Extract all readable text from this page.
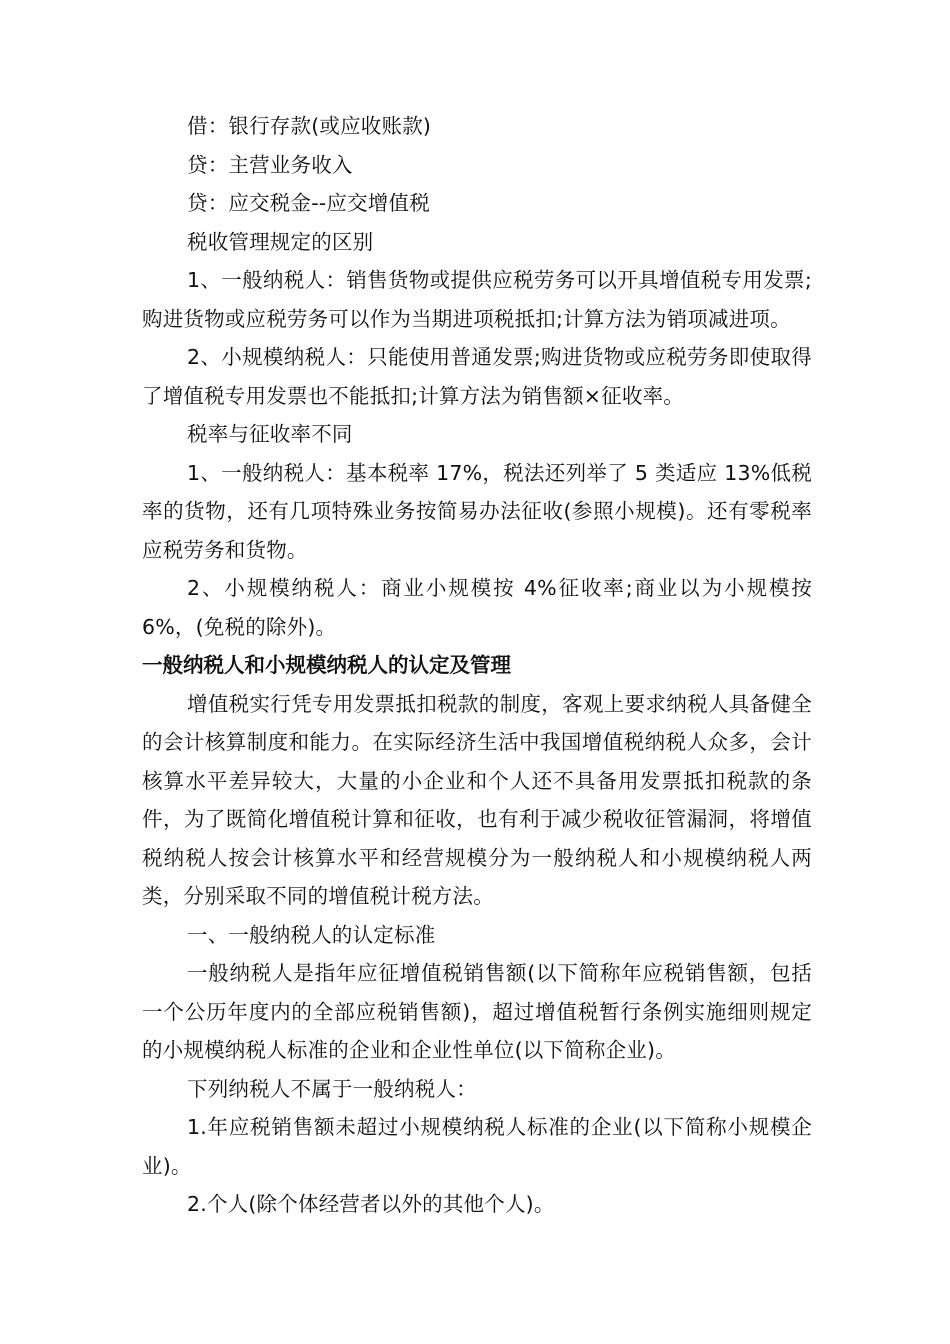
借：银行存款(或应收账款)
贷：主营业务收入
贷：应交税金--应交增值税
税收管理规定的区别

1、一般纳税人：销售货物或提供应税劳务可以开具增值税专用发票;购进货物或应税劳务可以作为当期进项税抵扣;计算方法为销项减进项。

2、小规模纳税人：只能使用普通发票;购进货物或应税劳务即使取得了增值税专用发票也不能抵扣;计算方法为销售额×征收率。

税率与征收率不同

1、一般纳税人：基本税率 17%，税法还列举了 5 类适应 13%低税率的货物，还有几项特殊业务按简易办法征收(参照小规模)。还有零税率应税劳务和货物。

2、小规模纳税人：商业小规模按 4%征收率;商业以为小规模按 6%，(免税的除外)。

一般纳税人和小规模纳税人的认定及管理

增值税实行凭专用发票抵扣税款的制度，客观上要求纳税人具备健全的会计核算制度和能力。在实际经济生活中我国增值税纳税人众多，会计核算水平差异较大，大量的小企业和个人还不具备用发票抵扣税款的条件，为了既简化增值税计算和征收，也有利于减少税收征管漏洞，将增值税纳税人按会计核算水平和经营规模分为一般纳税人和小规模纳税人两类，分别采取不同的增值税计税方法。

一、一般纳税人的认定标准

一般纳税人是指年应征增值税销售额(以下简称年应税销售额，包括一个公历年度内的全部应税销售额)，超过增值税暂行条例实施细则规定的小规模纳税人标准的企业和企业性单位(以下简称企业)。

下列纳税人不属于一般纳税人：

1.年应税销售额未超过小规模纳税人标准的企业(以下简称小规模企业)。

2.个人(除个体经营者以外的其他个人)。
